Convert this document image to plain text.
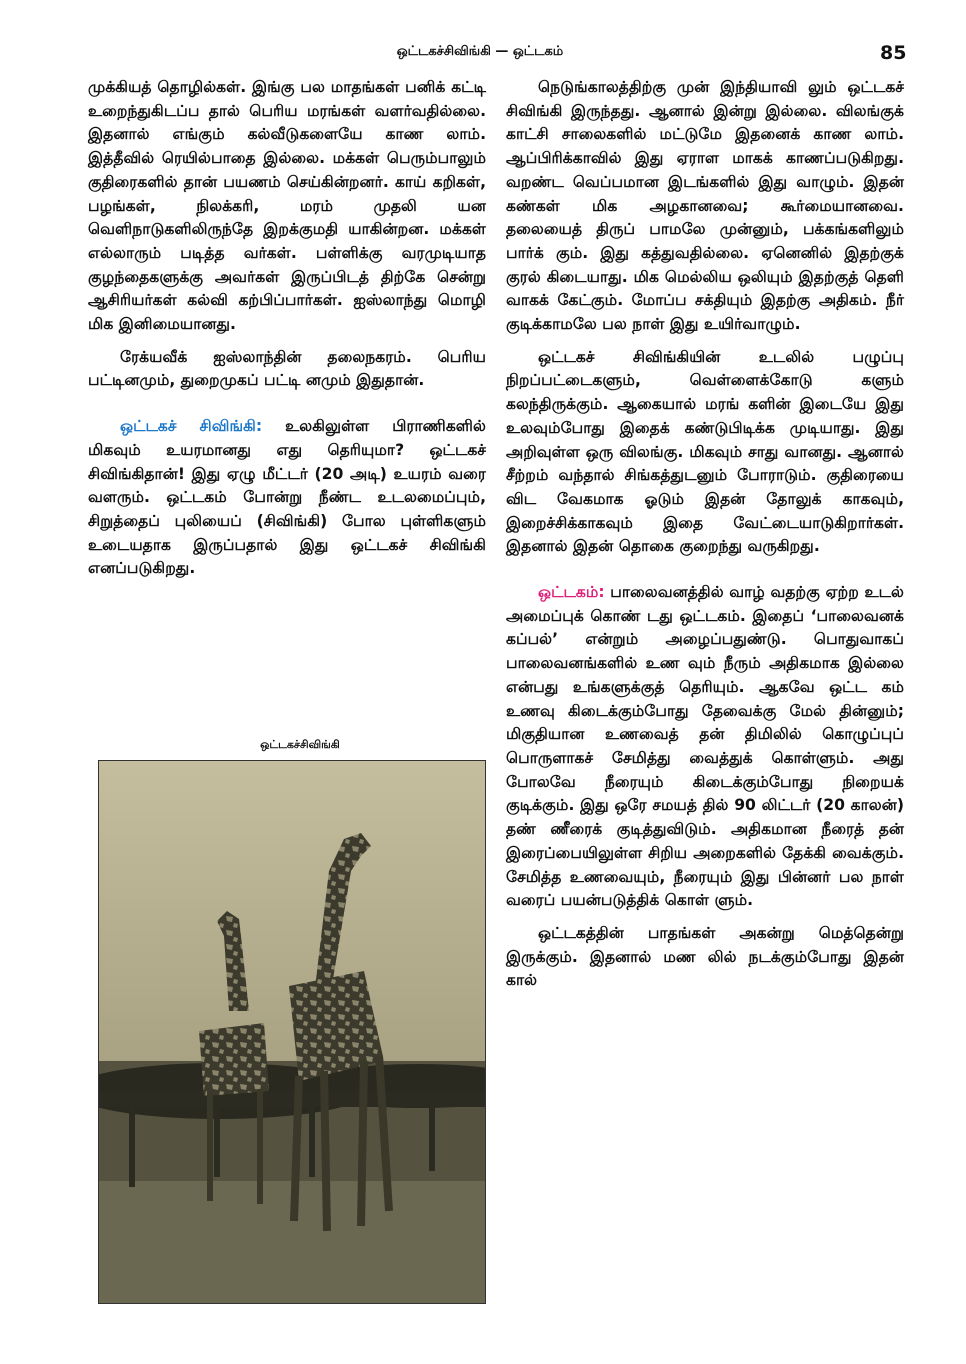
ஒட்டகச்சிவிங்கி — ஒட்டகம்	85

முக்கியத் தொழில்கள். இங்கு பல மாதங்கள் பனிக் கட்டி உறைந்துகிடப்ப தால் பெரிய மரங்கள் வளர்வதில்லை. இதனால் எங்கும் கல்வீடுகளையே காண லாம். இத்தீவில் ரெயில்பாதை இல்லை. மக்கள் பெரும்பாலும் குதிரைகளில் தான் பயணம் செய்கின்றனர். காய் கறிகள், பழங்கள், நிலக்கரி, மரம் முதலி யன வெளிநாடுகளிலிருந்தே இறக்குமதி யாகின்றன. மக்கள் எல்லாரும் படித்த வர்கள். பள்ளிக்கு வரமுடியாத குழந்தைகளுக்கு அவர்கள் இருப்பிடத் திற்கே சென்று ஆசிரியர்கள் கல்வி கற்பிப்பார்கள். ஐஸ்லாந்து மொழி மிக இனிமையானது.

ரேக்யவீக் ஐஸ்லாந்தின் தலைநகரம். பெரிய பட்டினமும், துறைமுகப் பட்டி னமும் இதுதான்.

ஒட்டகச் சிவிங்கி: உலகிலுள்ள பிராணிகளில் மிகவும் உயரமானது எது தெரியுமா? ஒட்டகச் சிவிங்கிதான்! இது ஏழு மீட்டர் (20 அடி) உயரம் வரை வளரும். ஒட்டகம் போன்று நீண்ட உடலமைப்பும், சிறுத்தைப் புலியைப் (சிவிங்கி) போல புள்ளிகளும் உடையதாக இருப்பதால் இது ஒட்டகச் சிவிங்கி எனப்படுகிறது.

ஒட்டகச்சிவிங்கி

நெடுங்காலத்திற்கு முன் இந்தியாவி லும் ஒட்டகச் சிவிங்கி இருந்தது. ஆனால் இன்று இல்லை. விலங்குக் காட்சி சாலைகளில் மட்டுமே இதனைக் காண லாம். ஆப்பிரிக்காவில் இது ஏராள மாகக் காணப்படுகிறது. வறண்ட வெப்பமான இடங்களில் இது வாழும். இதன் கண்கள் மிக அழகானவை; கூர்மையானவை. தலையைத் திருப் பாமலே முன்னும், பக்கங்களிலும் பார்க் கும். இது கத்துவதில்லை. ஏனெனில் இதற்குக் குரல் கிடையாது. மிக மெல்லிய ஒலியும் இதற்குத் தெளி வாகக் கேட்கும். மோப்ப சக்தியும் இதற்கு அதிகம். நீர் குடிக்காமலே பல நாள் இது உயிர்வாழும்.

ஒட்டகச் சிவிங்கியின் உடலில் பழுப்பு நிறப்பட்டைகளும், வெள்ளைக்கோடு களும் கலந்திருக்கும். ஆகையால் மரங் களின் இடையே இது உலவும்போது இதைக் கண்டுபிடிக்க முடியாது. இது அறிவுள்ள ஒரு விலங்கு. மிகவும் சாது வானது. ஆனால் சீற்றம் வந்தால் சிங்கத்துடனும் போராடும். குதிரையை விட வேகமாக ஓடும் இதன் தோலுக் காகவும், இறைச்சிக்காகவும் இதை வேட்டையாடுகிறார்கள். இதனால் இதன் தொகை குறைந்து வருகிறது.

ஒட்டகம்: பாலைவனத்தில் வாழ் வதற்கு ஏற்ற உடல் அமைப்புக் கொண் டது ஒட்டகம். இதைப் ‘பாலைவனக் கப்பல்’ என்றும் அழைப்பதுண்டு. பொதுவாகப் பாலைவனங்களில் உண வும் நீரும் அதிகமாக இல்லை என்பது உங்களுக்குத் தெரியும். ஆகவே ஒட்ட கம் உணவு கிடைக்கும்போது தேவைக்கு மேல் தின்னும்; மிகுதியான உணவைத் தன் திமிலில் கொழுப்புப் பொருளாகச் சேமித்து வைத்துக் கொள்ளும். அது போலவே நீரையும் கிடைக்கும்போது நிறையக் குடிக்கும். இது ஒரே சமயத் தில் 90 லிட்டர் (20 காலன்) தண் ணீரைக் குடித்துவிடும். அதிகமான நீரைத் தன் இரைப்பையிலுள்ள சிறிய அறைகளில் தேக்கி வைக்கும். சேமித்த உணவையும், நீரையும் இது பின்னர் பல நாள் வரைப் பயன்படுத்திக் கொள் ளும்.

ஒட்டகத்தின் பாதங்கள் அகன்று மெத்தென்று இருக்கும். இதனால் மண லில் நடக்கும்போது இதன் கால்
